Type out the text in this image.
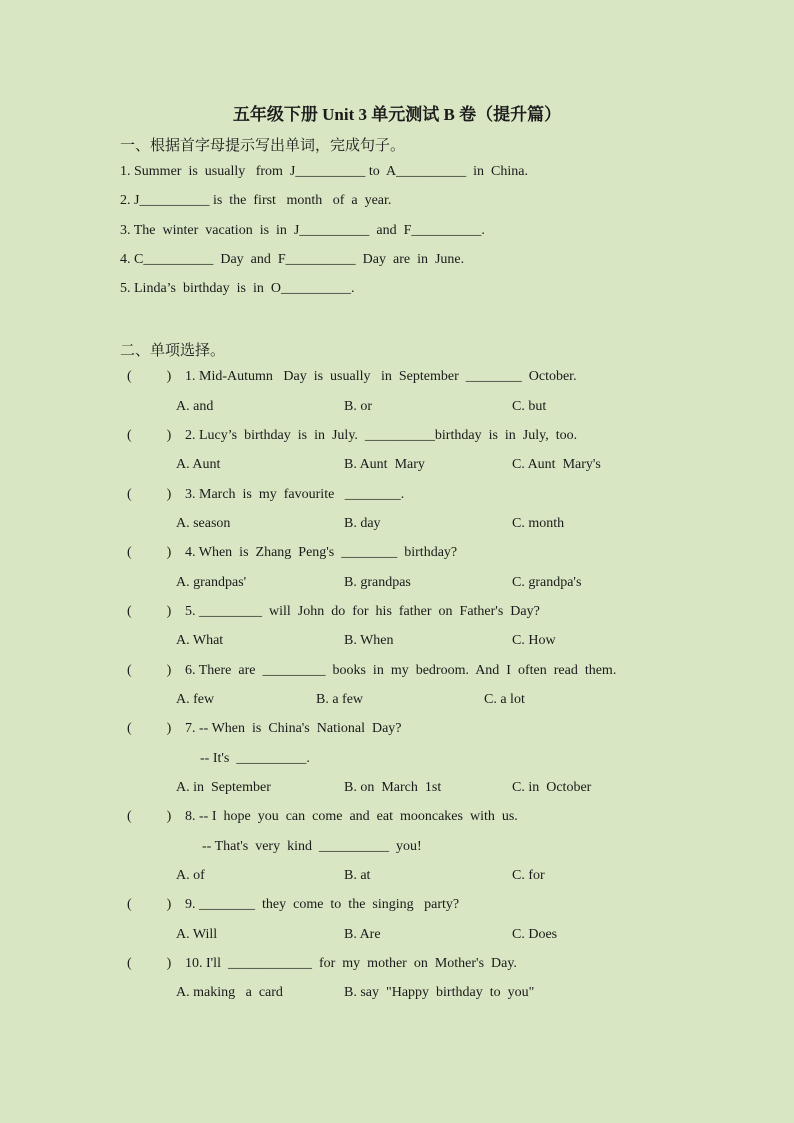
五年级下册 Unit 3 单元测试 B 卷（提升篇）
一、根据首字母提示写出单词，完成句子。
1. Summer  is  usually   from  J__________ to  A__________  in  China.
2. J__________ is  the  first   month   of  a  year.
3. The  winter  vacation  is  in  J__________  and  F__________.
4. C__________  Day  and  F__________  Day  are  in  June.
5. Linda’s  birthday  is  in  O__________.
二、单项选择。
(          ) 1. Mid-Autumn   Day  is  usually   in  September  ________  October.
A. and	B. or	C. but
(          ) 2. Lucy’s  birthday  is  in  July.  __________birthday  is  in  July,  too.
A. Aunt	B. Aunt  Mary	C. Aunt  Mary's
(          ) 3. March  is  my  favourite   ________.
A. season	B. day	C. month
(          ) 4. When  is  Zhang  Peng's  ________  birthday?
A. grandpas'	B. grandpas	C. grandpa's
(          ) 5. _________  will  John  do  for  his  father  on  Father's  Day?
A. What	B. When	C. How
(          ) 6. There  are  _________  books  in  my  bedroom.  And  I  often  read  them.
A. few	B. a few	C. a lot
(          ) 7. -- When  is  China's  National  Day?
-- It's  __________.
A. in  September	B. on  March  1st	C. in  October
(          ) 8. -- I  hope  you  can  come  and  eat  mooncakes  with  us.
-- That's  very  kind  __________  you!
A. of	B. at	C. for
(          ) 9. ________  they  come  to  the  singing   party?
A. Will	B. Are	C. Does
(          ) 10. I'll  ____________  for  my  mother  on  Mother's  Day.
A. making   a  card	B. say  "Happy  birthday  to  you"
